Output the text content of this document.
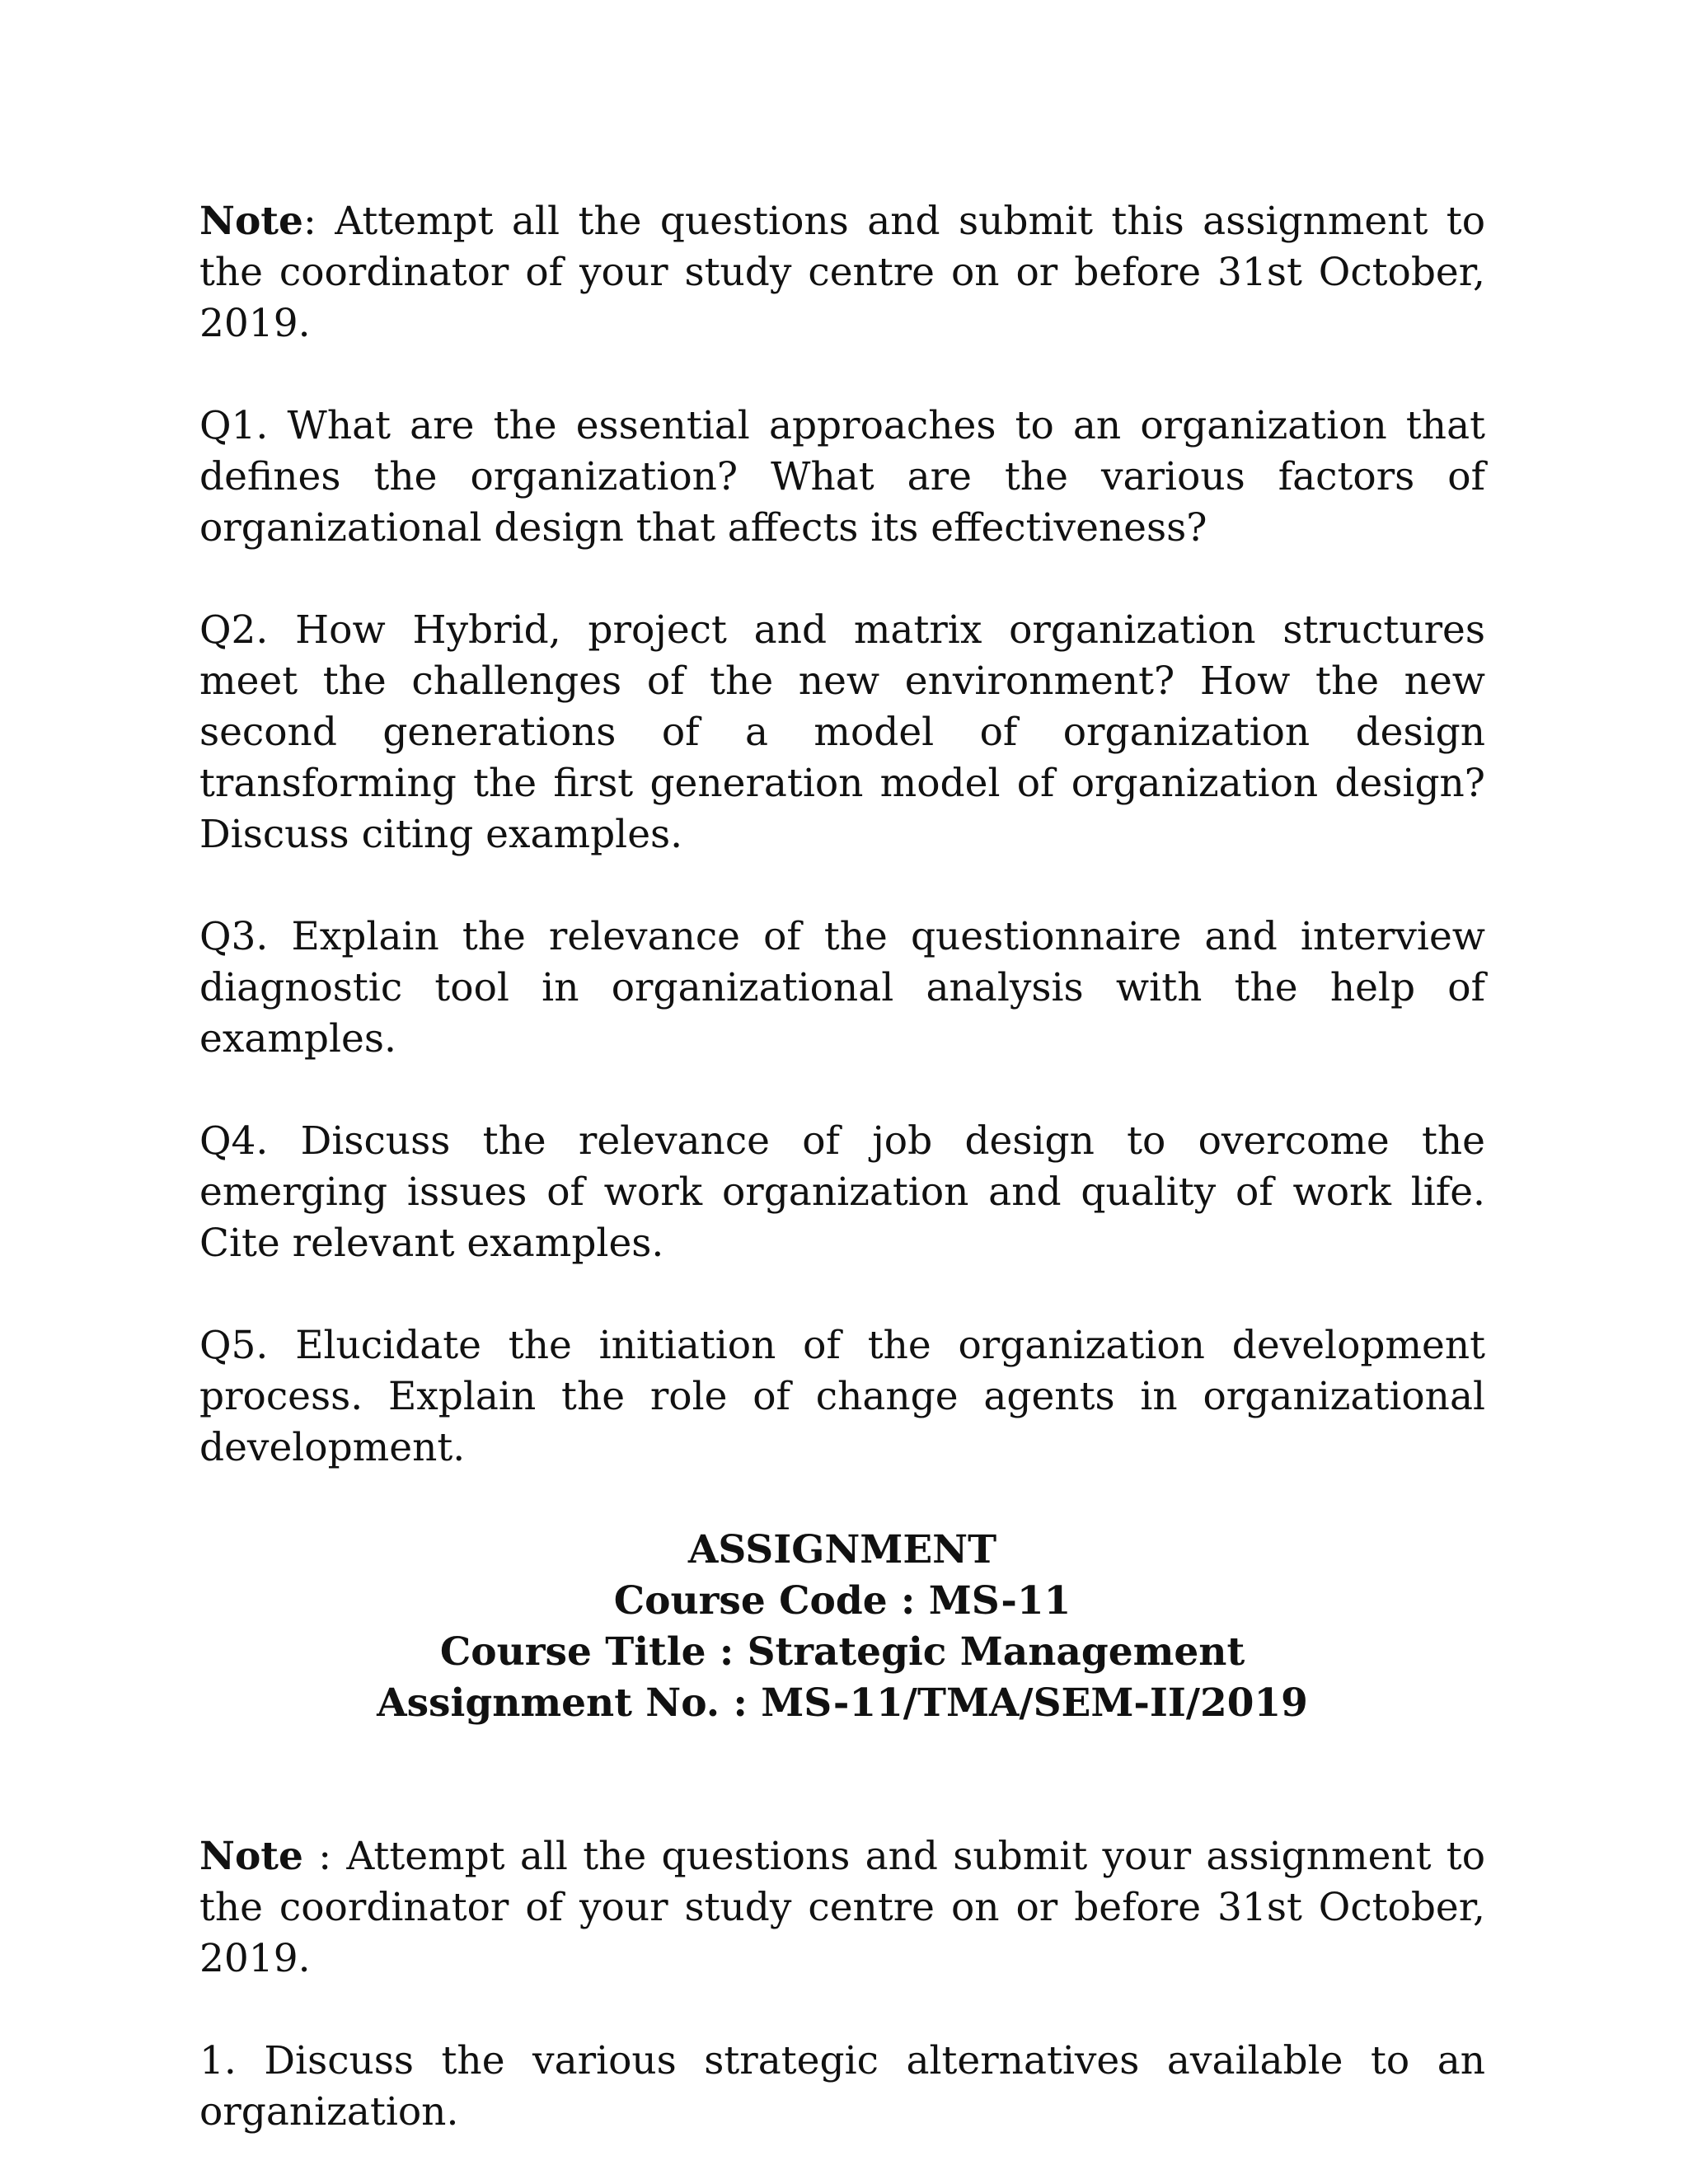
Note: Attempt all the questions and submit this assignment to the coordinator of your study centre on or before 31st October, 2019.

Q1. What are the essential approaches to an organization that defines the organization? What are the various factors of organizational design that affects its effectiveness?

Q2. How Hybrid, project and matrix organization structures meet the challenges of the new environment? How the new second generations of a model of organization design transforming the first generation model of organization design? Discuss citing examples.

Q3. Explain the relevance of the questionnaire and interview diagnostic tool in organizational analysis with the help of examples.

Q4. Discuss the relevance of job design to overcome the emerging issues of work organization and quality of work life. Cite relevant examples.

Q5. Elucidate the initiation of the organization development process. Explain the role of change agents in organizational development.

ASSIGNMENT
Course Code : MS-11
Course Title : Strategic Management
Assignment No. : MS-11/TMA/SEM-II/2019

Note : Attempt all the questions and submit your assignment to the coordinator of your study centre on or before 31st October, 2019.

1. Discuss the various strategic alternatives available to an organization.
